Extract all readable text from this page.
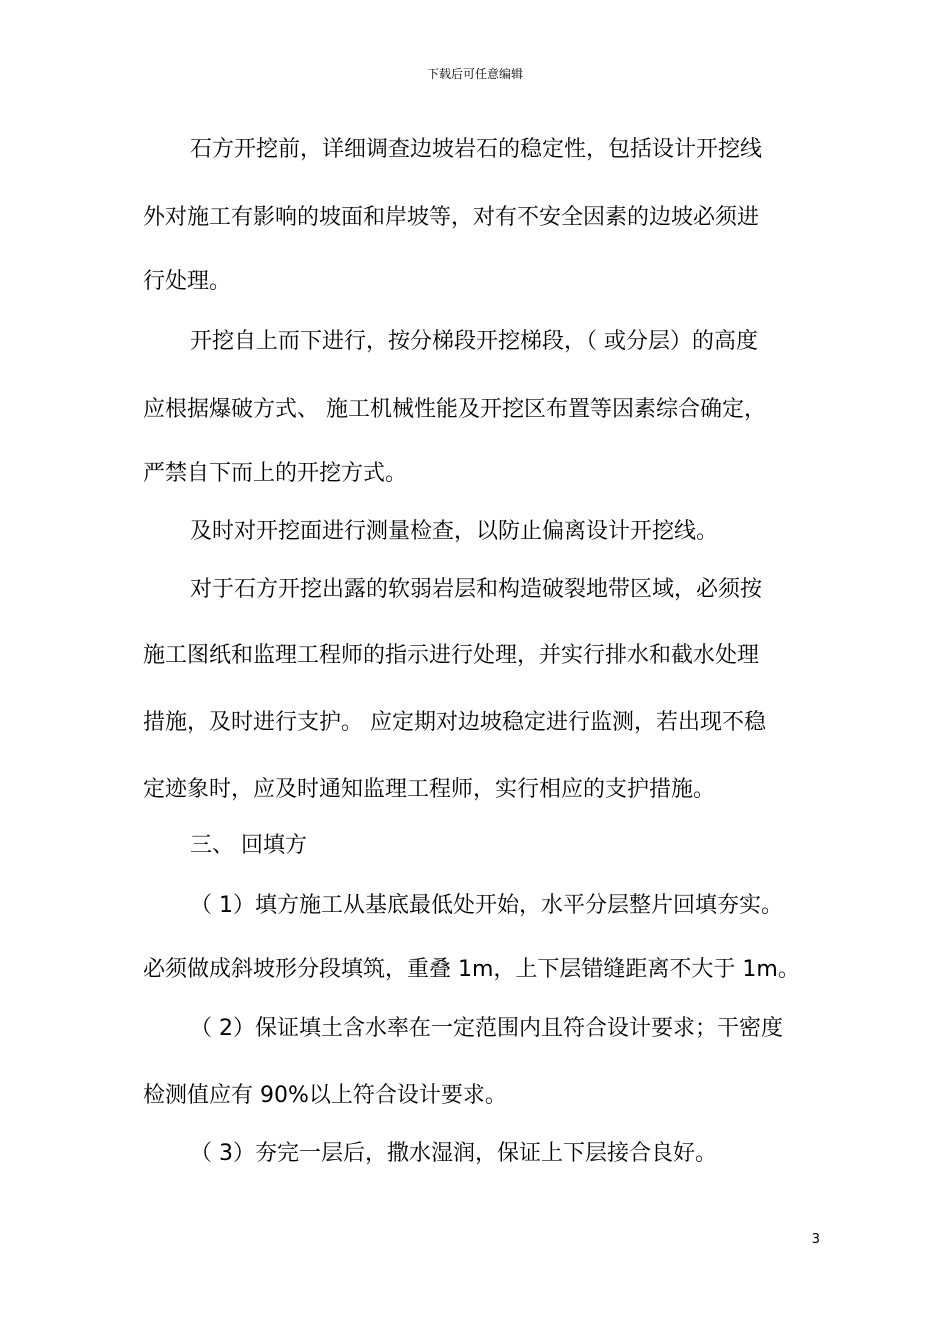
下载后可任意编辑
石方开挖前，详细调查边坡岩石的稳定性，包括设计开挖线
外对施工有影响的坡面和岸坡等，对有不安全因素的边坡必须进
行处理。
开挖自上而下进行，按分梯段开挖梯段，（ 或分层）的高度
应根据爆破方式、 施工机械性能及开挖区布置等因素综合确定，
严禁自下而上的开挖方式。
及时对开挖面进行测量检查，以防止偏离设计开挖线。
对于石方开挖出露的软弱岩层和构造破裂地带区域，必须按
施工图纸和监理工程师的指示进行处理，并实行排水和截水处理
措施，及时进行支护。 应定期对边坡稳定进行监测，若出现不稳
定迹象时，应及时通知监理工程师，实行相应的支护措施。
三、 回填方
（ 1）填方施工从基底最低处开始，水平分层整片回填夯实。
必须做成斜坡形分段填筑，重叠 1m，上下层错缝距离不大于 1m。
（ 2）保证填土含水率在一定范围内且符合设计要求；干密度
检测值应有 90%以上符合设计要求。
（ 3）夯完一层后，撒水湿润，保证上下层接合良好。
3
